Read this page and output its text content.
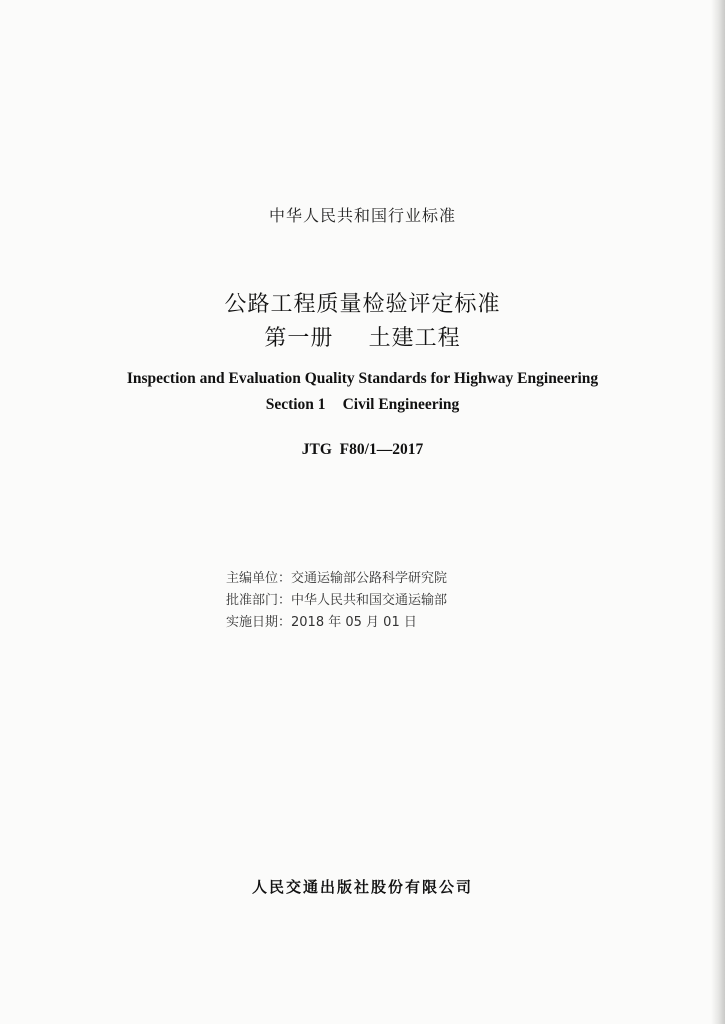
中华人民共和国行业标准
公路工程质量检验评定标准
第一册 土建工程
Inspection and Evaluation Quality Standards for Highway Engineering
Section 1 Civil Engineering
JTG  F80/1—2017
主编单位：交通运输部公路科学研究院
批准部门：中华人民共和国交通运输部
实施日期：2018 年 05 月 01 日
人民交通出版社股份有限公司
